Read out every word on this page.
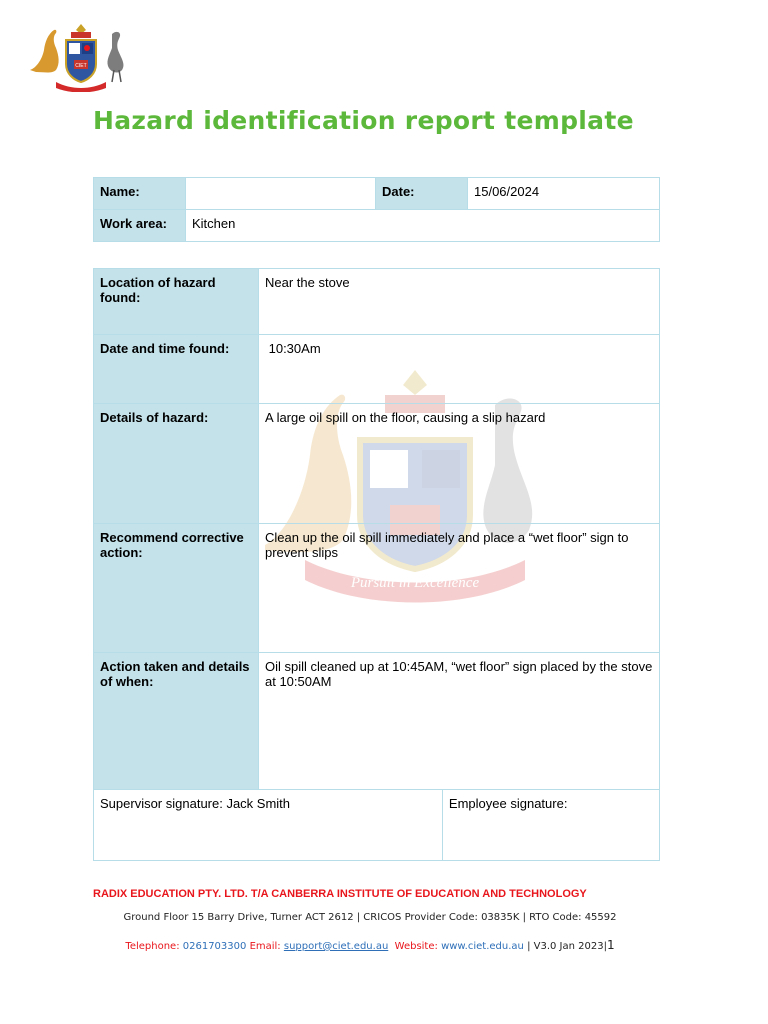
CIET
Pursuit in Excellence
Hazard identification report template
Name:		Date:	15/06/2024
Work area:	Kitchen		
Location of hazard found:	Near the stove	
Date and time found:	10:30Am	
Details of hazard:	A large oil spill on the floor, causing a slip hazard	
Recommend corrective action:	Clean up the oil spill immediately and place a “wet floor” sign to prevent slips	
Action taken and details of when:	Oil spill cleaned up at 10:45AM, “wet floor” sign placed by the stove at 10:50AM	
Supervisor signature: Jack Smith		Employee signature:
RADIX EDUCATION PTY. LTD. T/A CANBERRA INSTITUTE OF EDUCATION AND TECHNOLOGY
Ground Floor 15 Barry Drive, Turner ACT 2612 | CRICOS Provider Code: 03835K | RTO Code: 45592
Telephone: 0261703300 Email: support@ciet.edu.au Website: www.ciet.edu.au | V3.0 Jan 2023|1
